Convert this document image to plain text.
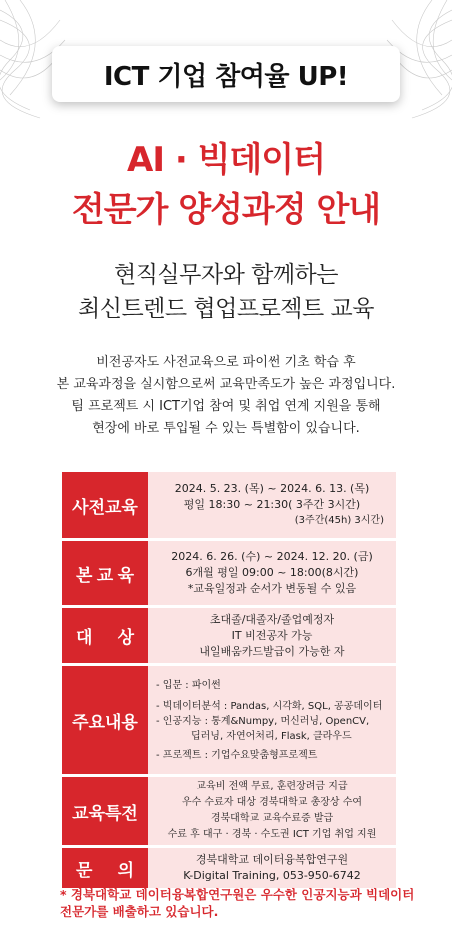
ICT 기업 참여율 UP!
AI · 빅데이터
전문가 양성과정 안내
현직실무자와 함께하는
최신트렌드 협업프로젝트 교육
비전공자도 사전교육으로 파이썬 기초 학습 후
본 교육과정을 실시함으로써 교육만족도가 높은 과정입니다.
팀 프로젝트 시 ICT기업 참여 및 취업 연계 지원을 통해
현장에 바로 투입될 수 있는 특별함이 있습니다.
사전교육
2024. 5. 23. (목) ~ 2024. 6. 13. (목)
평일 18:30 ~ 21:30( 3주간 3시간)
(3주간(45h) 3시간)
본 교 육
2024. 6. 26. (수) ~ 2024. 12. 20. (금)
6개월 평일 09:00 ~ 18:00(8시간)
*교육일정과 순서가 변동될 수 있음
대 상
초대졸/대졸자/졸업예정자
IT 비전공자 가능
내일배움카드발급이 가능한 자
주요내용
- 입문 : 파이썬
- 빅데이터분석 : Pandas, 시각화, SQL, 공공데이터
- 인공지능 : 통계&Numpy, 머신러닝, OpenCV,
딥러닝, 자연어처리, Flask, 클라우드
- 프로젝트 : 기업수요맞춤형프로젝트
교육특전
교육비 전액 무료, 훈련장려금 지급
우수 수료자 대상 경북대학교 총장상 수여
경북대학교 교육수료증 발급
수료 후 대구 · 경북 · 수도권 ICT 기업 취업 지원
문 의
경북대학교 데이터융복합연구원
K-Digital Training, 053-950-6742
* 경북대학교 데이터융복합연구원은 우수한 인공지능과 빅데이터 전문가를 배출하고 있습니다.
